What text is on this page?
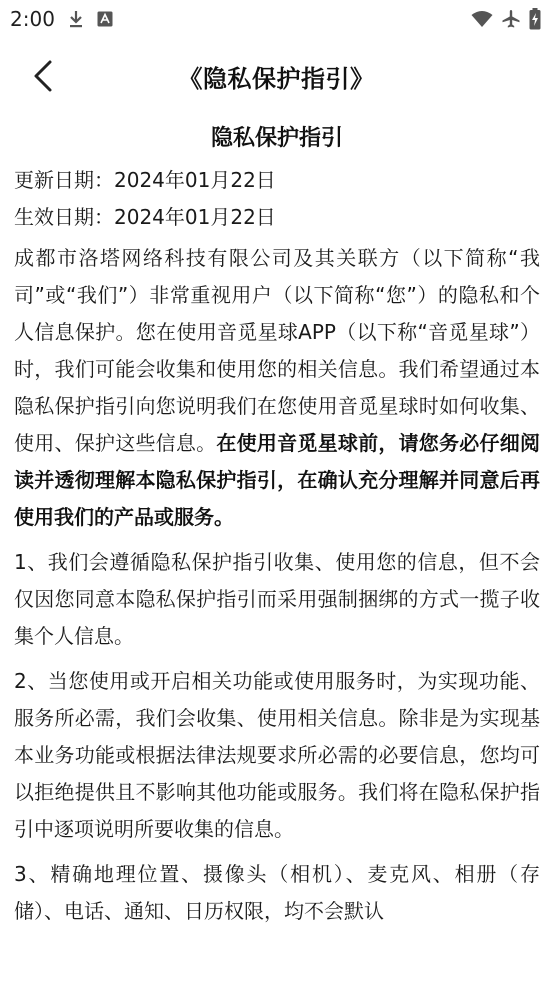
2:00
《隐私保护指引》
隐私保护指引
更新日期：2024年01月22日
生效日期：2024年01月22日

成都市洛塔网络科技有限公司及其关联方（以下简称“我司”或“我们”）非常重视用户（以下简称“您”）的隐私和个人信息保护。您在使用音觅星球APP（以下称“音觅星球”）时，我们可能会收集和使用您的相关信息。我们希望通过本隐私保护指引向您说明我们在您使用音觅星球时如何收集、使用、保护这些信息。在使用音觅星球前，请您务必仔细阅读并透彻理解本隐私保护指引，在确认充分理解并同意后再使用我们的产品或服务。

1、我们会遵循隐私保护指引收集、使用您的信息，但不会仅因您同意本隐私保护指引而采用强制捆绑的方式一揽子收集个人信息。

2、当您使用或开启相关功能或使用服务时，为实现功能、服务所必需，我们会收集、使用相关信息。除非是为实现基本业务功能或根据法律法规要求所必需的必要信息，您均可以拒绝提供且不影响其他功能或服务。我们将在隐私保护指引中逐项说明所要收集的信息。

3、精确地理位置、摄像头（相机）、麦克风、相册（存储）、电话、通知、日历权限，均不会默认
